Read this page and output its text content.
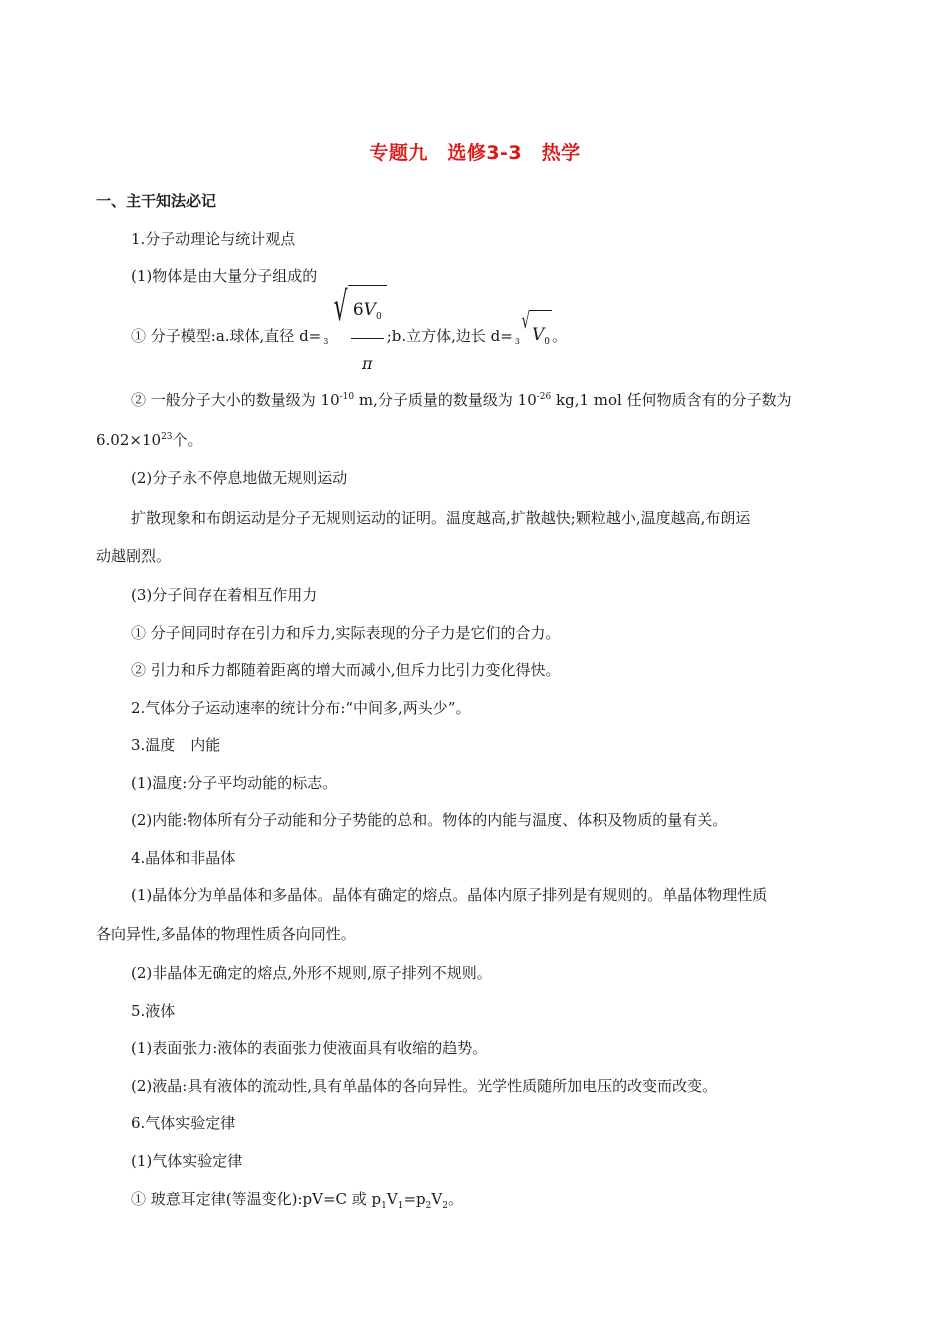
专题九　选修3-3　热学
一、主干知法必记
1.分子动理论与统计观点
(1)物体是由大量分子组成的
① 分子模型:a.球体,直径 d= 3
√ $\frac{6V_0}{\pi}$ ;b.立方体,边长 d= 3
√
$V_0$ 。
② 一般分子大小的数量级为 $10^{-10}$ m,分子质量的数量级为 $10^{-26}$ kg,1 mol 任何物质含有的分子数为
$6.02\times 10^{23}$个。
(2)分子永不停息地做无规则运动
扩散现象和布朗运动是分子无规则运动的证明。温度越高,扩散越快;颗粒越小,温度越高,布朗运
动越剧烈。
(3)分子间存在着相互作用力
① 分子间同时存在引力和斥力,实际表现的分子力是它们的合力。
② 引力和斥力都随着距离的增大而减小,但斥力比引力变化得快。
2.气体分子运动速率的统计分布:“中间多,两头少”。
3.温度　内能
(1)温度:分子平均动能的标志。
(2)内能:物体所有分子动能和分子势能的总和。物体的内能与温度、体积及物质的量有关。
4.晶体和非晶体
(1)晶体分为单晶体和多晶体。晶体有确定的熔点。晶体内原子排列是有规则的。单晶体物理性质
各向异性,多晶体的物理性质各向同性。
(2)非晶体无确定的熔点,外形不规则,原子排列不规则。
5.液体
(1)表面张力:液体的表面张力使液面具有收缩的趋势。
(2)液晶:具有液体的流动性,具有单晶体的各向异性。光学性质随所加电压的改变而改变。
6.气体实验定律
(1)气体实验定律
① 玻意耳定律(等温变化):pV=C 或 $p_1V_1=p_2V_2$。
